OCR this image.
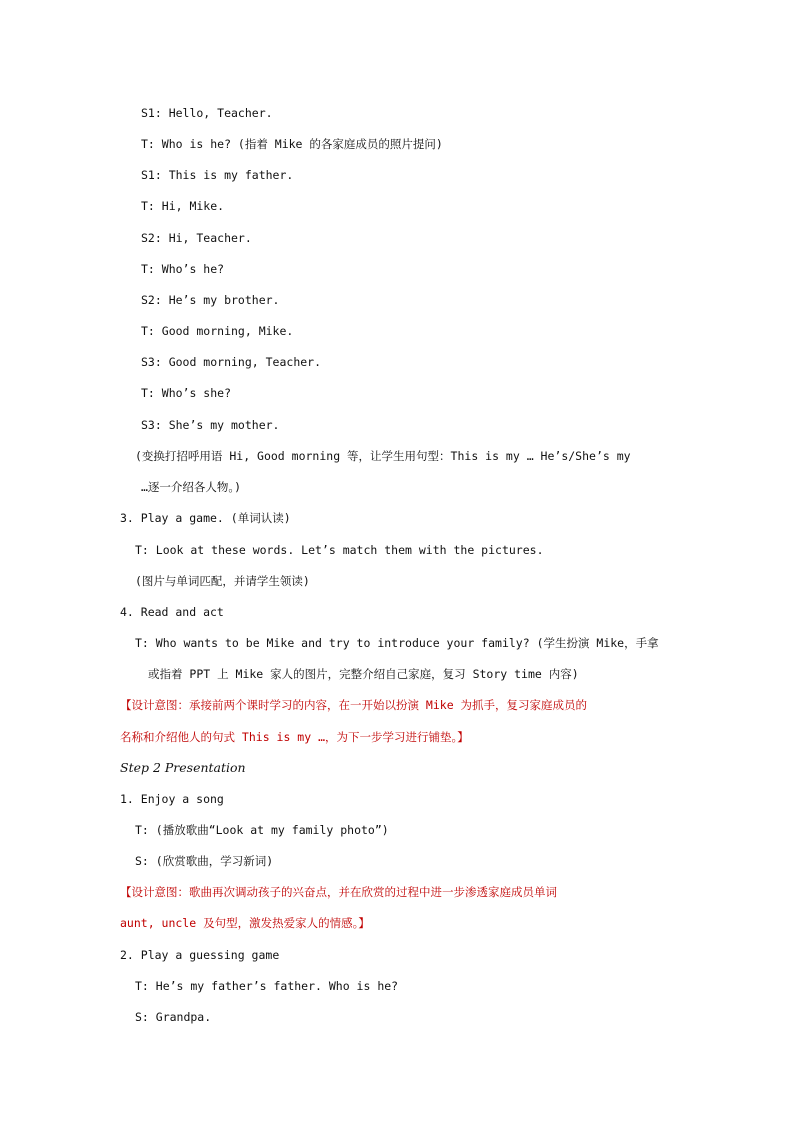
S1: Hello, Teacher.
T: Who is he? (指着 Mike 的各家庭成员的照片提问)
S1: This is my father.
T: Hi, Mike.
S2: Hi, Teacher.
T: Who’s he?
S2: He’s my brother.
T: Good morning, Mike.
S3: Good morning, Teacher.
T: Who’s she?
S3: She’s my mother.
(变换打招呼用语 Hi, Good morning 等，让学生用句型：This is my … He’s/She’s my
…逐一介绍各人物。)
3. Play a game. (单词认读)
T: Look at these words. Let’s match them with the pictures.
(图片与单词匹配，并请学生领读)
4. Read and act
T: Who wants to be Mike and try to introduce your family? (学生扮演 Mike，手拿
或指着 PPT 上 Mike 家人的图片，完整介绍自己家庭，复习 Story time 内容)
【设计意图：承接前两个课时学习的内容，在一开始以扮演 Mike 为抓手，复习家庭成员的
名称和介绍他人的句式 This is my …，为下一步学习进行铺垫。】
Step 2 Presentation
1. Enjoy a song
T: (播放歌曲“Look at my family photo”)
S: (欣赏歌曲，学习新词)
【设计意图：歌曲再次调动孩子的兴奋点，并在欣赏的过程中进一步渗透家庭成员单词
aunt, uncle 及句型，激发热爱家人的情感。】
2. Play a guessing game
T: He’s my father’s father. Who is he?
S: Grandpa.
